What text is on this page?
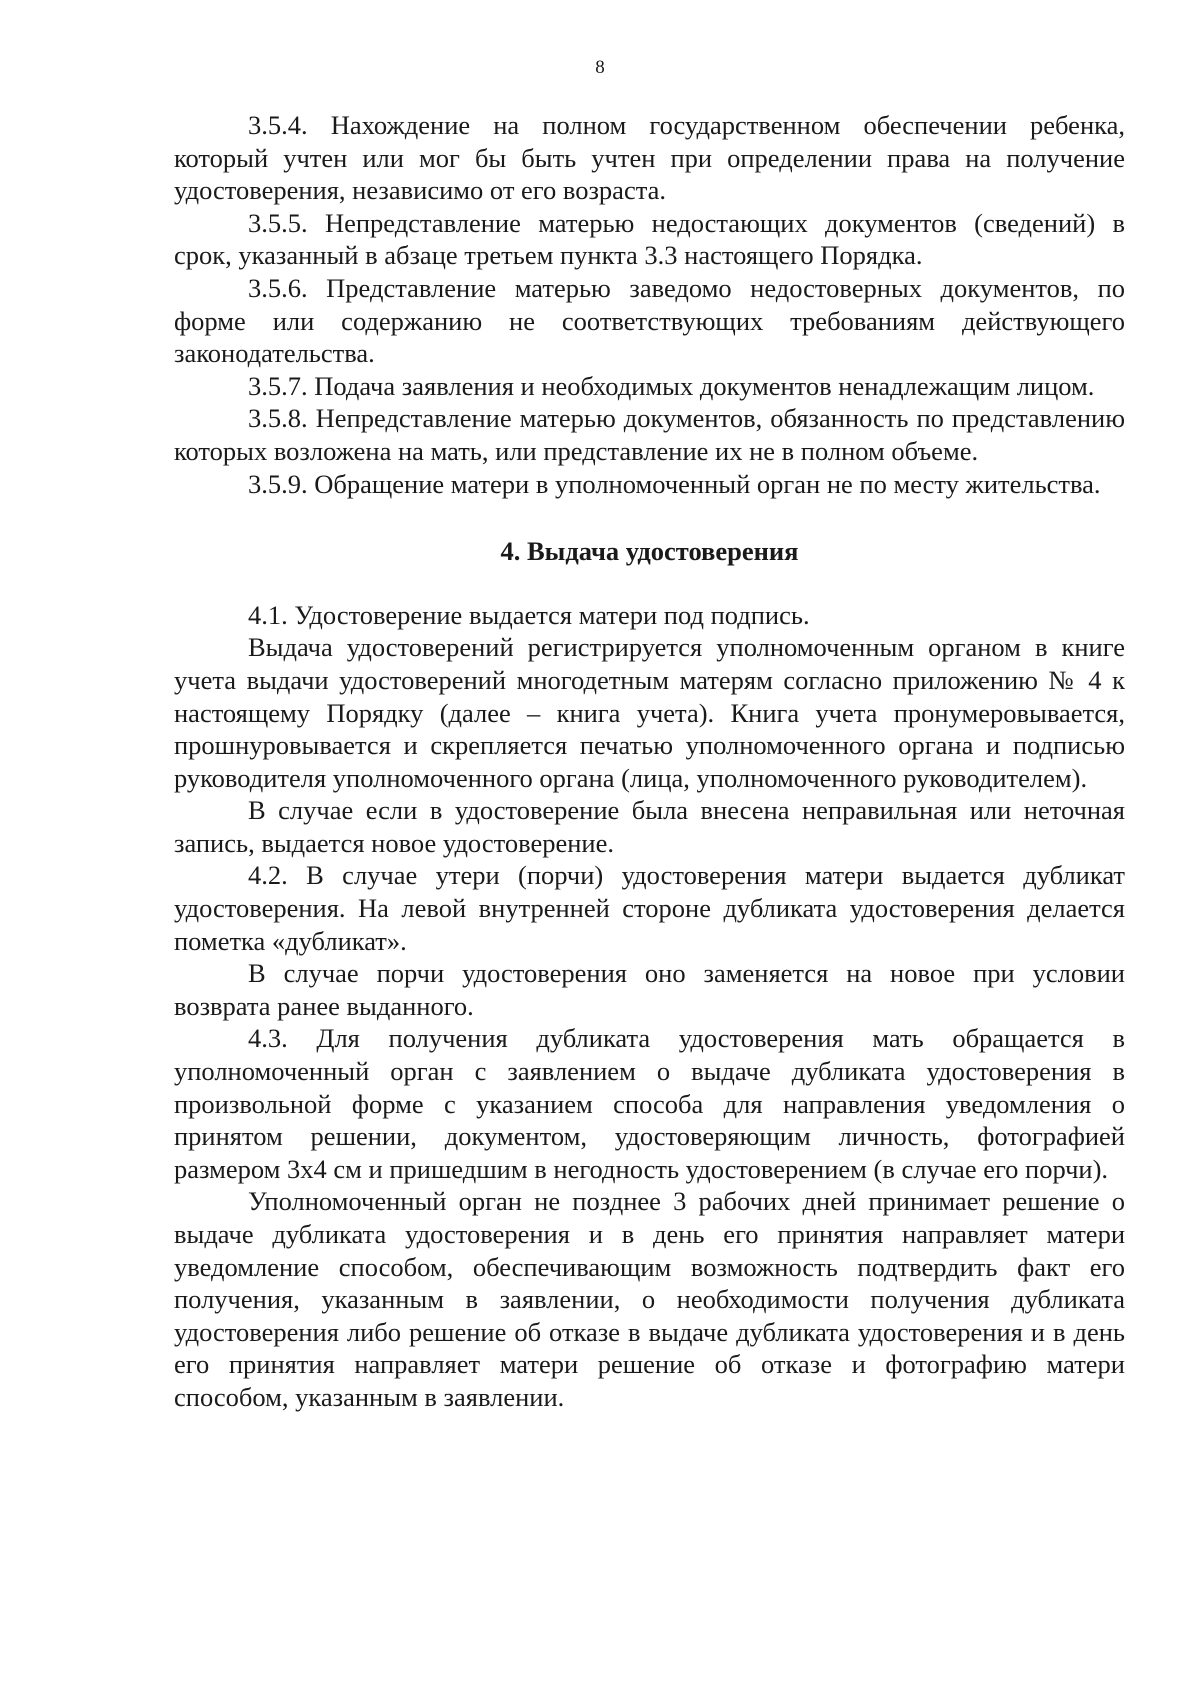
8

3.5.4. Нахождение на полном государственном обеспечении ребенка, который учтен или мог бы быть учтен при определении права на получение удостоверения, независимо от его возраста.

3.5.5. Непредставление матерью недостающих документов (сведений) в срок, указанный в абзаце третьем пункта 3.3 настоящего Порядка.

3.5.6. Представление матерью заведомо недостоверных документов, по форме или содержанию не соответствующих требованиям действующего законодательства.

3.5.7. Подача заявления и необходимых документов ненадлежащим лицом.

3.5.8. Непредставление матерью документов, обязанность по представлению которых возложена на мать, или представление их не в полном объеме.

3.5.9. Обращение матери в уполномоченный орган не по месту жительства.

4. Выдача удостоверения

4.1. Удостоверение выдается матери под подпись.

Выдача удостоверений регистрируется уполномоченным органом в книге учета выдачи удостоверений многодетным матерям согласно приложению № 4 к настоящему Порядку (далее – книга учета). Книга учета пронумеровывается, прошнуровывается и скрепляется печатью уполномоченного органа и подписью руководителя уполномоченного органа (лица, уполномоченного руководителем).

В случае если в удостоверение была внесена неправильная или неточная запись, выдается новое удостоверение.

4.2. В случае утери (порчи) удостоверения матери выдается дубликат удостоверения. На левой внутренней стороне дубликата удостоверения делается пометка «дубликат».

В случае порчи удостоверения оно заменяется на новое при условии возврата ранее выданного.

4.3. Для получения дубликата удостоверения мать обращается в уполномоченный орган с заявлением о выдаче дубликата удостоверения в произвольной форме с указанием способа для направления уведомления о принятом решении, документом, удостоверяющим личность, фотографией размером 3х4 см и пришедшим в негодность удостоверением (в случае его порчи).

Уполномоченный орган не позднее 3 рабочих дней принимает решение о выдаче дубликата удостоверения и в день его принятия направляет матери уведомление способом, обеспечивающим возможность подтвердить факт его получения, указанным в заявлении, о необходимости получения дубликата удостоверения либо решение об отказе в выдаче дубликата удостоверения и в день его принятия направляет матери решение об отказе и фотографию матери способом, указанным в заявлении.
